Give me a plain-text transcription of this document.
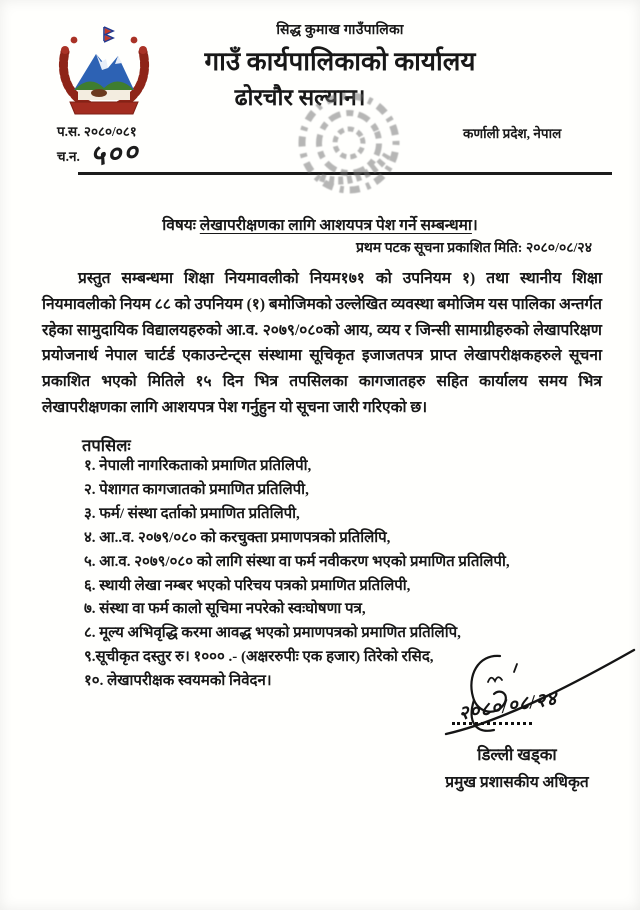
सिद्ध कुमाख गाउँपालिका
गाउँ कार्यपालिकाको कार्यालय
ढोरचौर सल्यान।
प.स. २०८०/०८१
च.न. ५००
कर्णाली प्रदेश, नेपाल
विषयः लेखापरीक्षणका लागि आशयपत्र पेश गर्ने सम्बन्धमा।
प्रथम पटक सूचना प्रकाशित मिति: २०८०/०८/२४
प्रस्तुत सम्बन्धमा शिक्षा नियमावलीको नियम१७१ को उपनियम १) तथा स्थानीय शिक्षा नियमावलीको नियम ८८ को उपनियम (१) बमोजिमको उल्लेखित व्यवस्था बमोजिम यस पालिका अन्तर्गत रहेका सामुदायिक विद्यालयहरुको आ.व. २०७९/०८०को आय, व्यय र जिन्सी सामाग्रीहरुको लेखापरिक्षण प्रयोजनार्थ नेपाल चार्टर्ड एकाउन्टेन्ट्स संस्थामा सूचिकृत इजाजतपत्र प्राप्त लेखापरीक्षकहरुले सूचना प्रकाशित भएको मितिले १५ दिन भित्र तपसिलका कागजातहरु सहित कार्यालय समय भित्र लेखापरीक्षणका लागि आशयपत्र पेश गर्नुहुन यो सूचना जारी गरिएको छ।
तपसिलः
१. नेपाली नागरिकताको प्रमाणित प्रतिलिपी,
२. पेशागत कागजातको प्रमाणित प्रतिलिपी,
३. फर्म/ संस्था दर्ताको प्रमाणित प्रतिलिपी,
४. आ..व. २०७९/०८० को करचुक्ता प्रमाणपत्रको प्रतिलिपि,
५. आ.व. २०७९/०८० को लागि संस्था वा फर्म नवीकरण भएको प्रमाणित प्रतिलिपी,
६. स्थायी लेखा नम्बर भएको परिचय पत्रको प्रमाणित प्रतिलिपी,
७. संस्था वा फर्म कालो सूचिमा नपरेको स्वःघोषणा पत्र,
८. मूल्य अभिवृद्धि करमा आवद्ध भएको प्रमाणपत्रको प्रमाणित प्रतिलिपि,
९.सूचीकृत दस्तुर रु। १००० .- (अक्षररुपीः एक हजार) तिरेको रसिद,
१०. लेखापरीक्षक स्वयमको निवेदन।
२०८०/०८/२४
डिल्ली खड्का
प्रमुख प्रशासकीय अधिकृत
